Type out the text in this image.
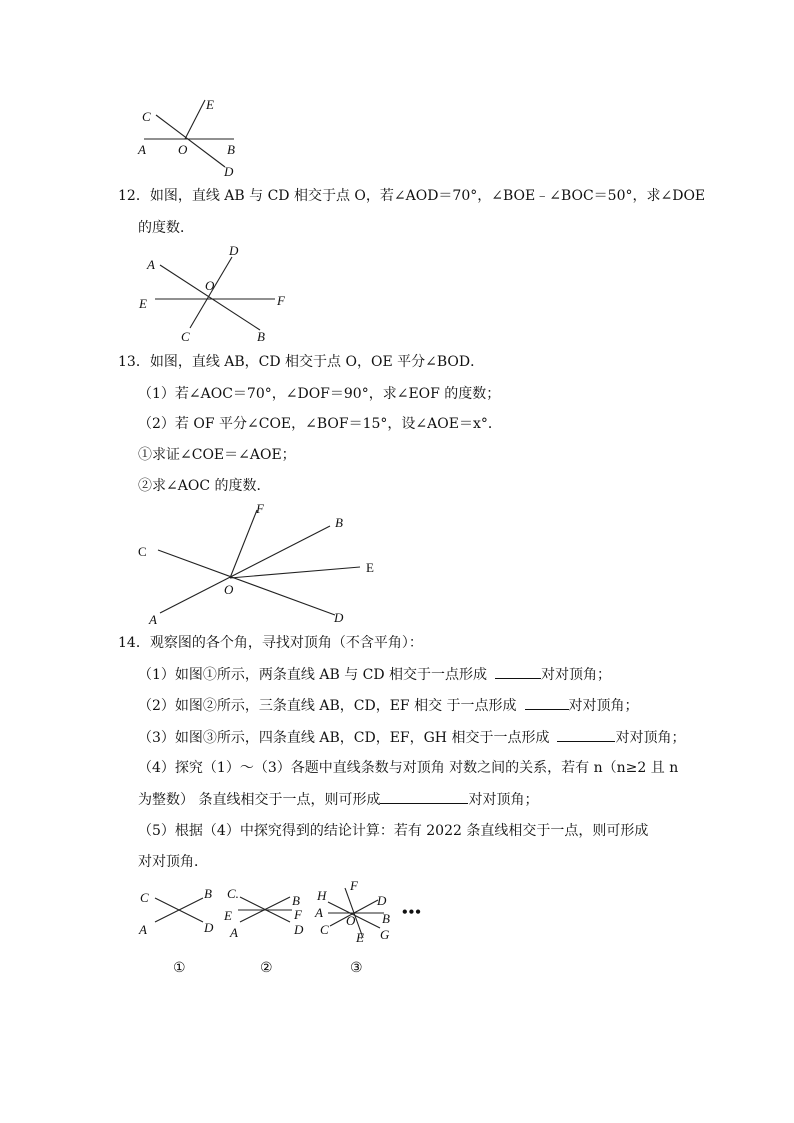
C
E
A O	B
D
12．如图，直线 AB 与 CD 相交于点 O，若∠AOD＝70°，∠BOE﹣∠BOC＝50°，求∠DOE
的度数．
A
D
O
E	F
C	B
13．如图，直线 AB，CD 相交于点 O，OE 平分∠BOD．
（1）若∠AOC＝70°，∠DOF＝90°，求∠EOF 的度数；
（2）若 OF 平分∠COE，∠BOF＝15°，设∠AOE＝x°．
①求证∠COE＝∠AOE；
②求∠AOC 的度数．
F
B
C
E
O
A	D
14．观察图的各个角，寻找对顶角（不含平角）：
（1）如图①所示，两条直线 AB 与 CD 相交于一点形成	对对顶角；
（2）如图②所示，三条直线 AB，CD，EF 相交 于一点形成	对对顶角；
（3）如图③所示，四条直线 AB，CD，EF，GH 相交于一点形成	对对顶角；
（4）探究（1）～（3）各题中直线条数与对顶角 对数之间的关系，若有 n（n≥2 且 n
为整数） 条直线相交于一点，则可形成	对对顶角；
（5）根据（4）中探究得到的结论计算：若有 2022 条直线相交于一点，则可形成
对对顶角．
C	B
A	D
C.	B
E	F
A	D
H
F
D
A
O B
C
E G
•••
①	②	③
